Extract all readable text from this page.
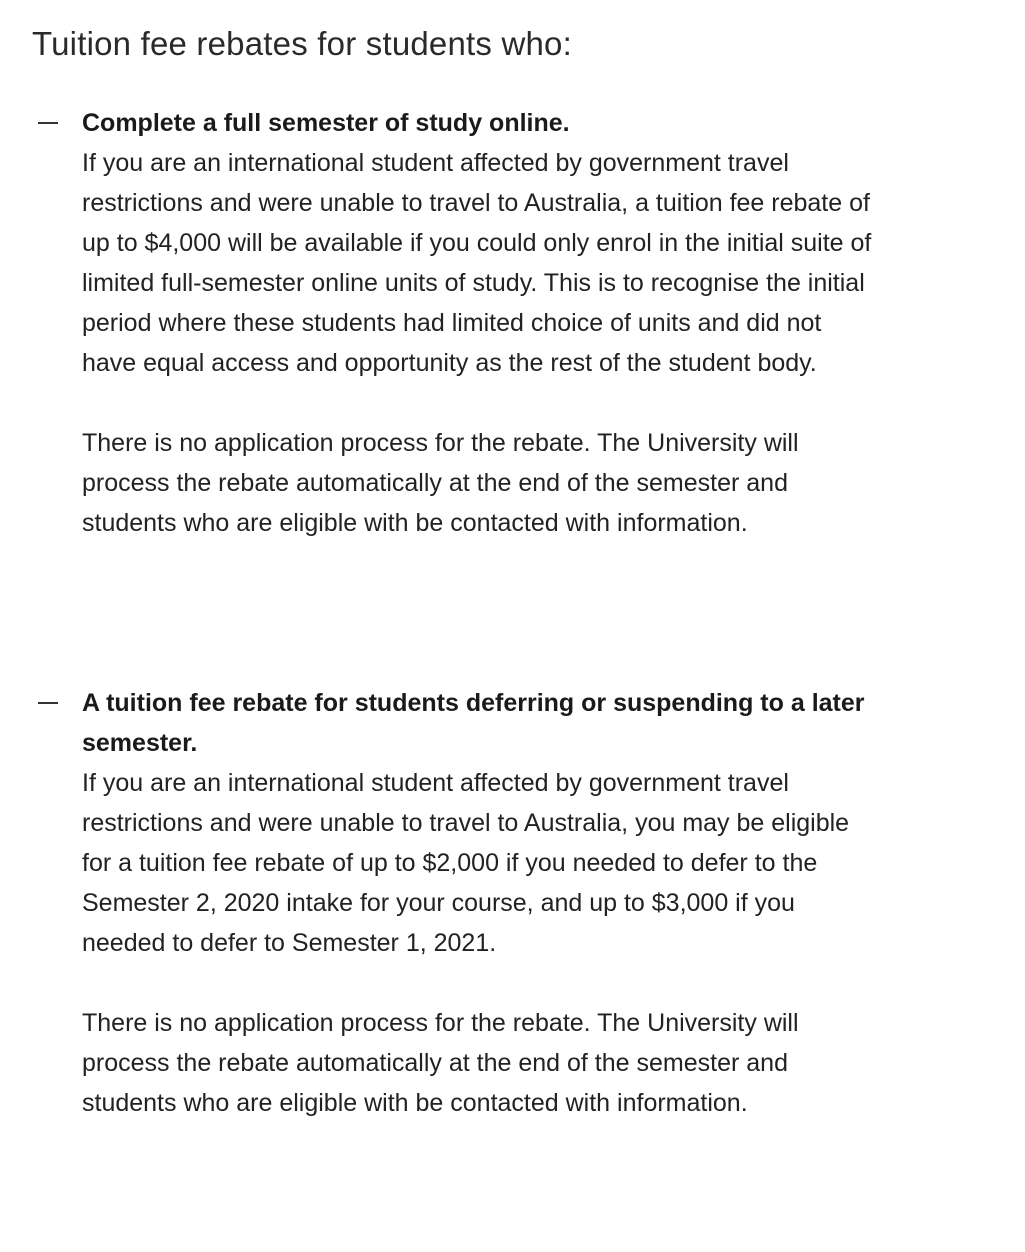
Tuition fee rebates for students who:
Complete a full semester of study online.

If you are an international student affected by government travel restrictions and were unable to travel to Australia, a tuition fee rebate of up to $4,000 will be available if you could only enrol in the initial suite of limited full-semester online units of study. This is to recognise the initial period where these students had limited choice of units and did not have equal access and opportunity as the rest of the student body.

There is no application process for the rebate. The University will process the rebate automatically at the end of the semester and students who are eligible with be contacted with information.

A tuition fee rebate for students deferring or suspending to a later semester.

If you are an international student affected by government travel restrictions and were unable to travel to Australia, you may be eligible for a tuition fee rebate of up to $2,000 if you needed to defer to the Semester 2, 2020 intake for your course, and up to $3,000 if you needed to defer to Semester 1, 2021.

There is no application process for the rebate. The University will process the rebate automatically at the end of the semester and students who are eligible with be contacted with information.
